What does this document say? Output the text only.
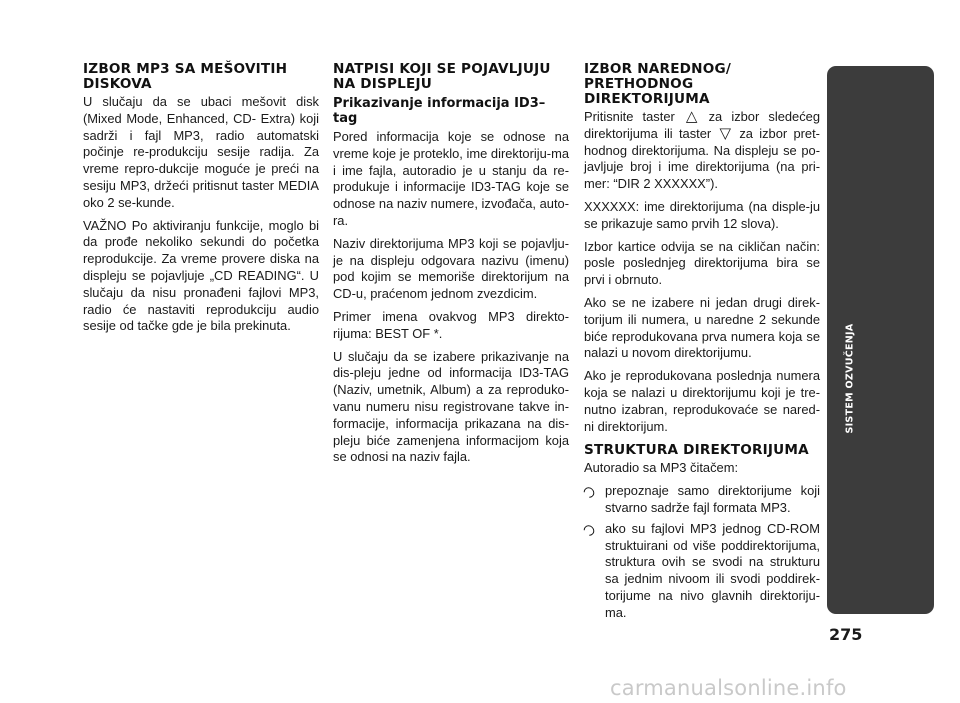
IZBOR MP3 SA MEŠOVITIH DISKOVA

U slučaju da se ubaci mešovit disk (Mixed Mode, Enhanced, CD- Extra) koji sadrži i fajl MP3, radio automatski počinje re-produkciju sesije radija. Za vreme repro-dukcije moguće je preći na sesiju MP3, držeći pritisnut taster MEDIA oko 2 se-kunde.

VAŽNO Po aktiviranju funkcije, moglo bi da prođe nekoliko sekundi do početka reprodukcije. Za vreme provere diska na displeju se pojavljuje „CD READING“. U slučaju da nisu pronađeni fajlovi MP3, radio će nastaviti reprodukciju audio sesije od tačke gde je bila prekinuta.

NATPISI KOJI SE POJAVLJUJU NA DISPLEJU
Prikazivanje informacija ID3–tag

Pored informacija koje se odnose na vreme koje je proteklo, ime direktoriju-ma i ime fajla, autoradio je u stanju da re-produkuje i informacije ID3-TAG koje se odnose na naziv numere, izvođača, auto-ra.

Naziv direktorijuma MP3 koji se pojavlju-je na displeju odgovara nazivu (imenu) pod kojim se memoriše direktorijum na CD-u, praćenom jednom zvezdicim.

Primer imena ovakvog MP3 direkto-rijuma: BEST OF *.

U slučaju da se izabere prikazivanje na dis-pleju jedne od informacija ID3-TAG (Naziv, umetnik, Album) a za reproduko-vanu numeru nisu registrovane takve in-formacije, informacija prikazana na dis-pleju biće zamenjena informacijom koja se odnosi na naziv fajla.

IZBOR NAREDNOG/ PRETHODNOG DIREKTORIJUMA

Pritisnite taster △ za izbor sledećeg direktorijuma ili taster ▽ za izbor pret-hodnog direktorijuma. Na displeju se po-javljuje broj i ime direktorijuma (na pri-mer: “DIR 2 XXXXXX”).

XXXXXX: ime direktorijuma (na disple-ju se prikazuje samo prvih 12 slova).

Izbor kartice odvija se na cikličan način: posle poslednjeg direktorijuma bira se prvi i obrnuto.

Ako se ne izabere ni jedan drugi direk-torijum ili numera, u naredne 2 sekunde biće reprodukovana prva numera koja se nalazi u novom direktorijumu.

Ako je reprodukovana poslednja numera koja se nalazi u direktorijumu koji je tre-nutno izabran, reprodukovaće se nared-ni direktorijum.

STRUKTURA DIREKTORIJUMA

Autoradio sa MP3 čitačem:

prepoznaje samo direktorijume koji stvarno sadrže fajl formata MP3.
ako su fajlovi MP3 jednog CD-ROM struktuirani od više poddirektorijuma, struktura ovih se svodi na strukturu sa jednim nivoom ili svodi poddirek-torijume na nivo glavnih direktoriju-ma.
SISTEM OZVUČENJA
275
carmanualsonline.info
